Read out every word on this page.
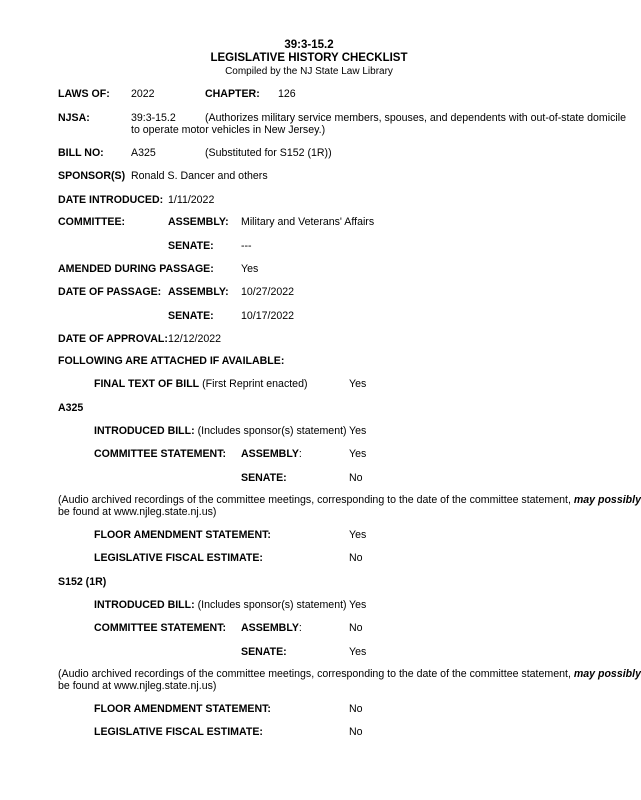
39:3-15.2
LEGISLATIVE HISTORY CHECKLIST
Compiled by the NJ State Law Library
LAWS OF: 2022	CHAPTER: 126
NJSA:	39:3-15.2	(Authorizes military service members, spouses, and dependents with out-of-state domicile
to operate motor vehicles in New Jersey.)
BILL NO:	A325	(Substituted for S152 (1R))
SPONSOR(S) Ronald S. Dancer and others
DATE INTRODUCED: 1/11/2022
COMMITTEE:	ASSEMBLY: Military and Veterans' Affairs
SENATE:	---
AMENDED DURING PASSAGE:	Yes
DATE OF PASSAGE: ASSEMBLY: 10/27/2022
SENATE:	10/17/2022
DATE OF APPROVAL: 12/12/2022
FOLLOWING ARE ATTACHED IF AVAILABLE:
FINAL TEXT OF BILL (First Reprint enacted)	Yes
A325
INTRODUCED BILL: (Includes sponsor(s) statement) Yes
COMMITTEE STATEMENT: ASSEMBLY:	Yes
SENATE:	No
(Audio archived recordings of the committee meetings, corresponding to the date of the committee statement, may possibly
be found at www.njleg.state.nj.us)
FLOOR AMENDMENT STATEMENT:	Yes
LEGISLATIVE FISCAL ESTIMATE:	No
S152 (1R)
INTRODUCED BILL: (Includes sponsor(s) statement) Yes
COMMITTEE STATEMENT: ASSEMBLY:	No
SENATE:	Yes
(Audio archived recordings of the committee meetings, corresponding to the date of the committee statement, may possibly
be found at www.njleg.state.nj.us)
FLOOR AMENDMENT STATEMENT:	No
LEGISLATIVE FISCAL ESTIMATE:	No
